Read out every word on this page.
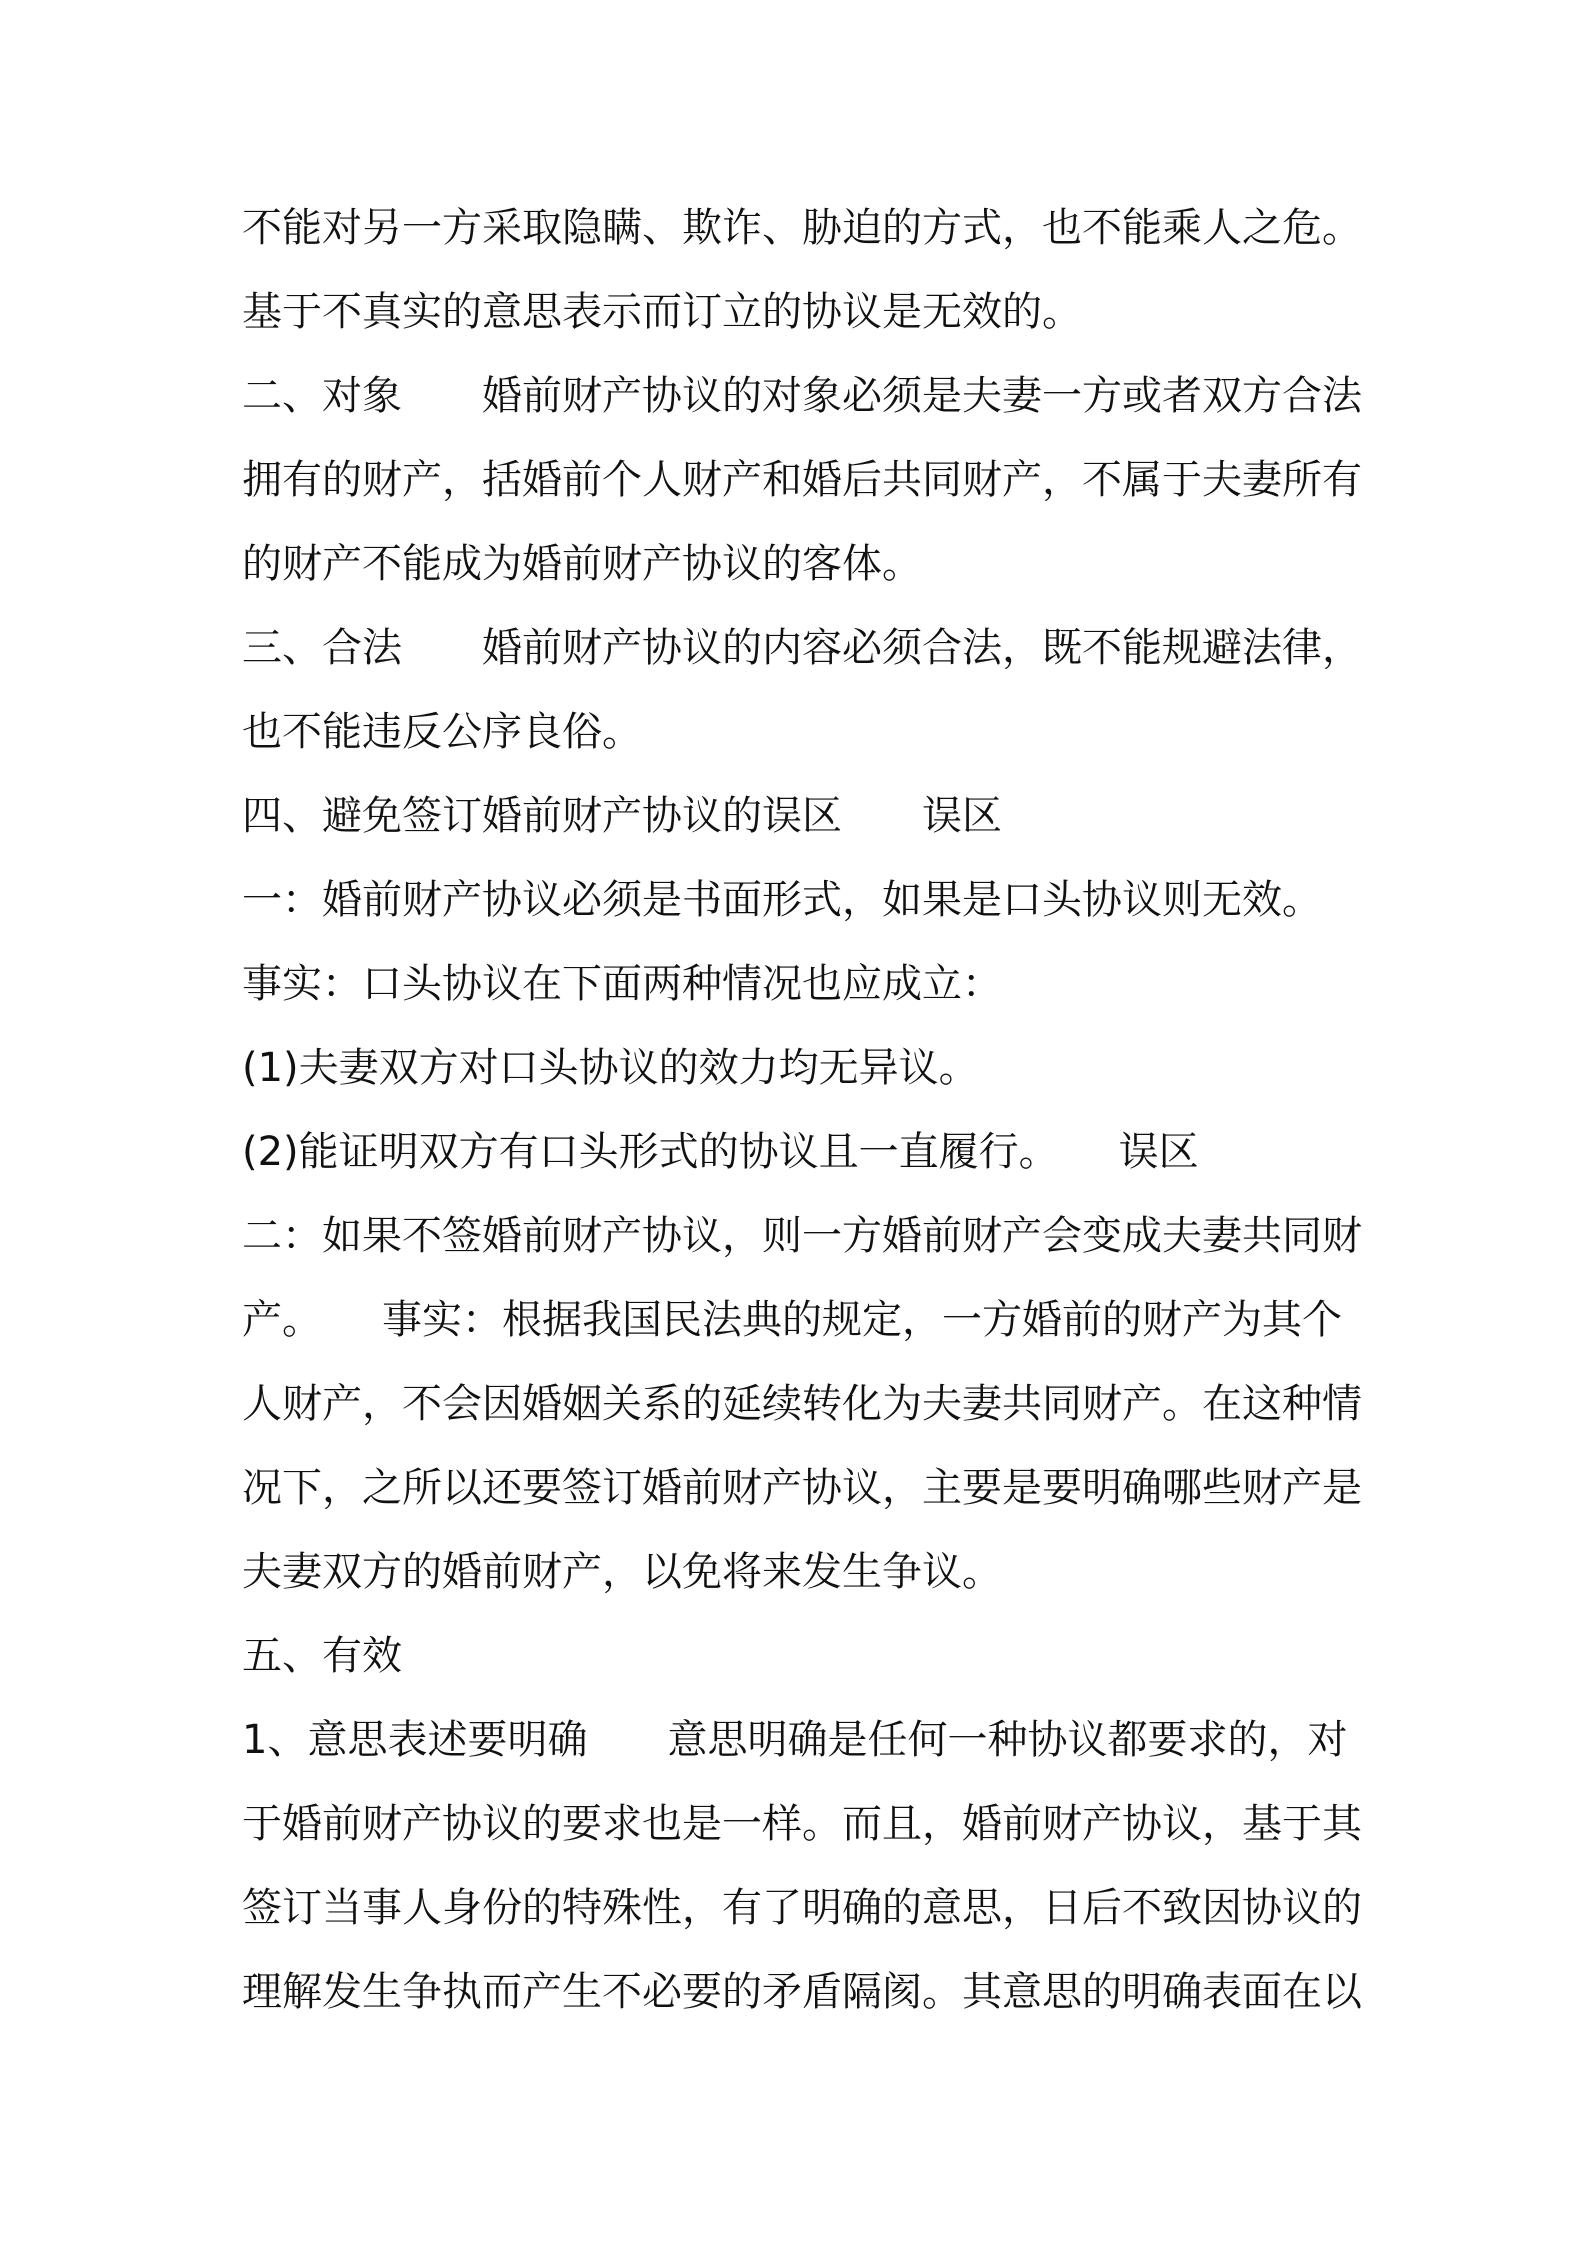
不能对另一方采取隐瞒、欺诈、胁迫的方式，也不能乘人之危。
基于不真实的意思表示而订立的协议是无效的。
二、对象　　婚前财产协议的对象必须是夫妻一方或者双方合法
拥有的财产，括婚前个人财产和婚后共同财产，不属于夫妻所有
的财产不能成为婚前财产协议的客体。
三、合法　　婚前财产协议的内容必须合法，既不能规避法律，
也不能违反公序良俗。
四、避免签订婚前财产协议的误区　　误区
一：婚前财产协议必须是书面形式，如果是口头协议则无效。
事实：口头协议在下面两种情况也应成立：
(1)夫妻双方对口头协议的效力均无异议。
(2)能证明双方有口头形式的协议且一直履行。　　误区
二：如果不签婚前财产协议，则一方婚前财产会变成夫妻共同财
产。　　事实：根据我国民法典的规定，一方婚前的财产为其个
人财产，不会因婚姻关系的延续转化为夫妻共同财产。在这种情
况下，之所以还要签订婚前财产协议，主要是要明确哪些财产是
夫妻双方的婚前财产，以免将来发生争议。
五、有效
1、意思表述要明确　　意思明确是任何一种协议都要求的，对
于婚前财产协议的要求也是一样。而且，婚前财产协议，基于其
签订当事人身份的特殊性，有了明确的意思，日后不致因协议的
理解发生争执而产生不必要的矛盾隔阂。其意思的明确表面在以
